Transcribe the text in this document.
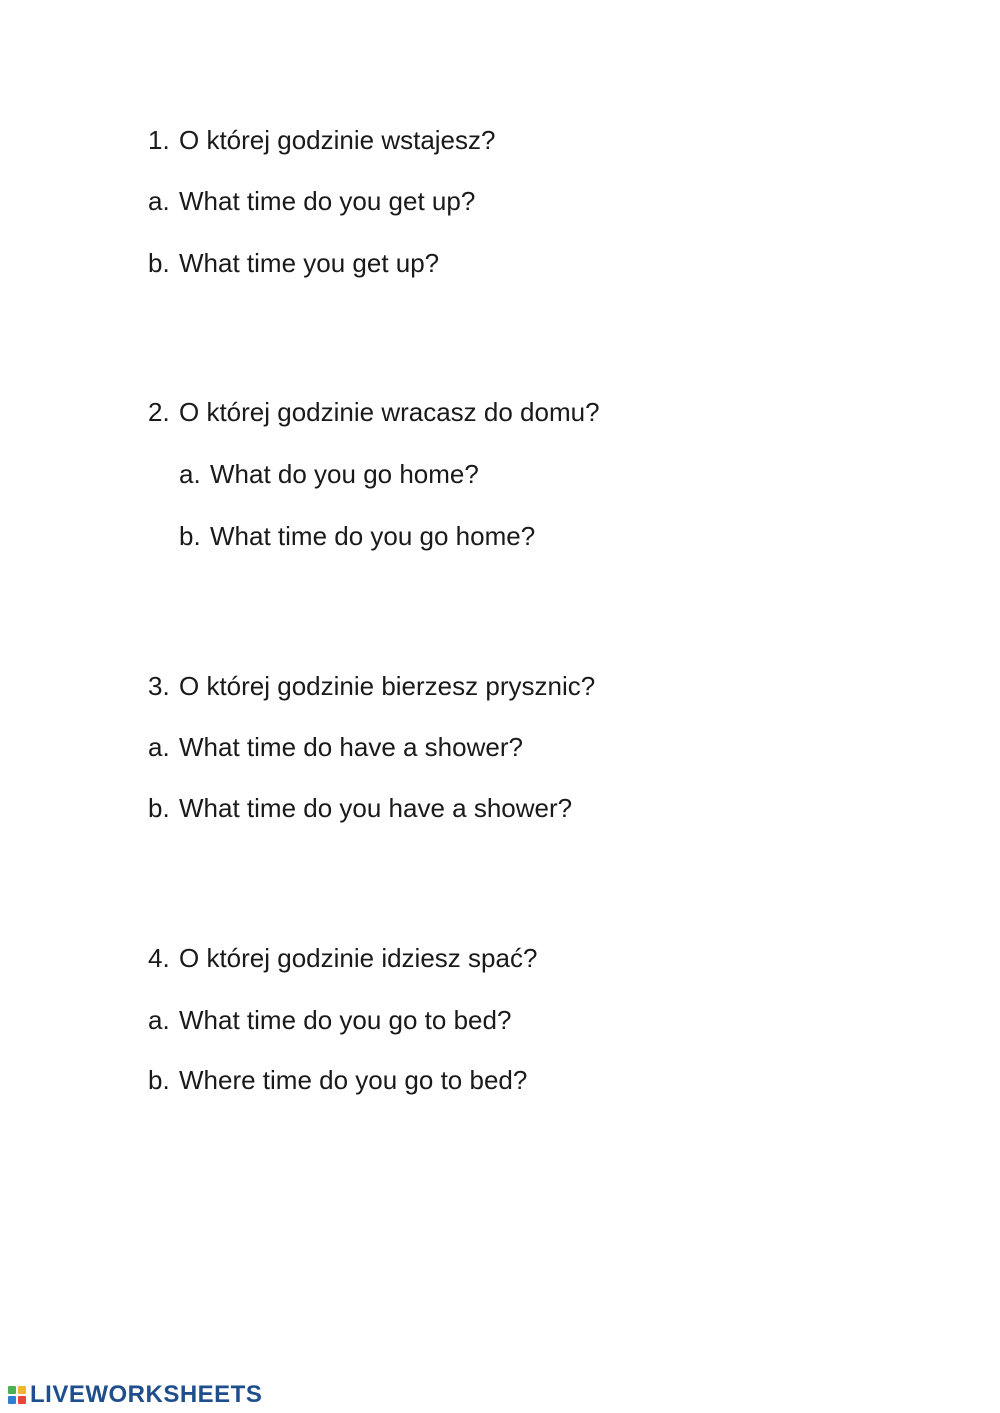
1. O której godzinie wstajesz?
a. What time do you get up?
b. What time you get up?
2. O której godzinie wracasz do domu?
a. What do you go home?
b. What time do you go home?
3. O której godzinie bierzesz prysznic?
a. What time do have a shower?
b. What time do you have a shower?
4. O której godzinie idziesz spać?
a. What time do you go to bed?
b. Where time do you go to bed?
LIVEWORKSHEETS
